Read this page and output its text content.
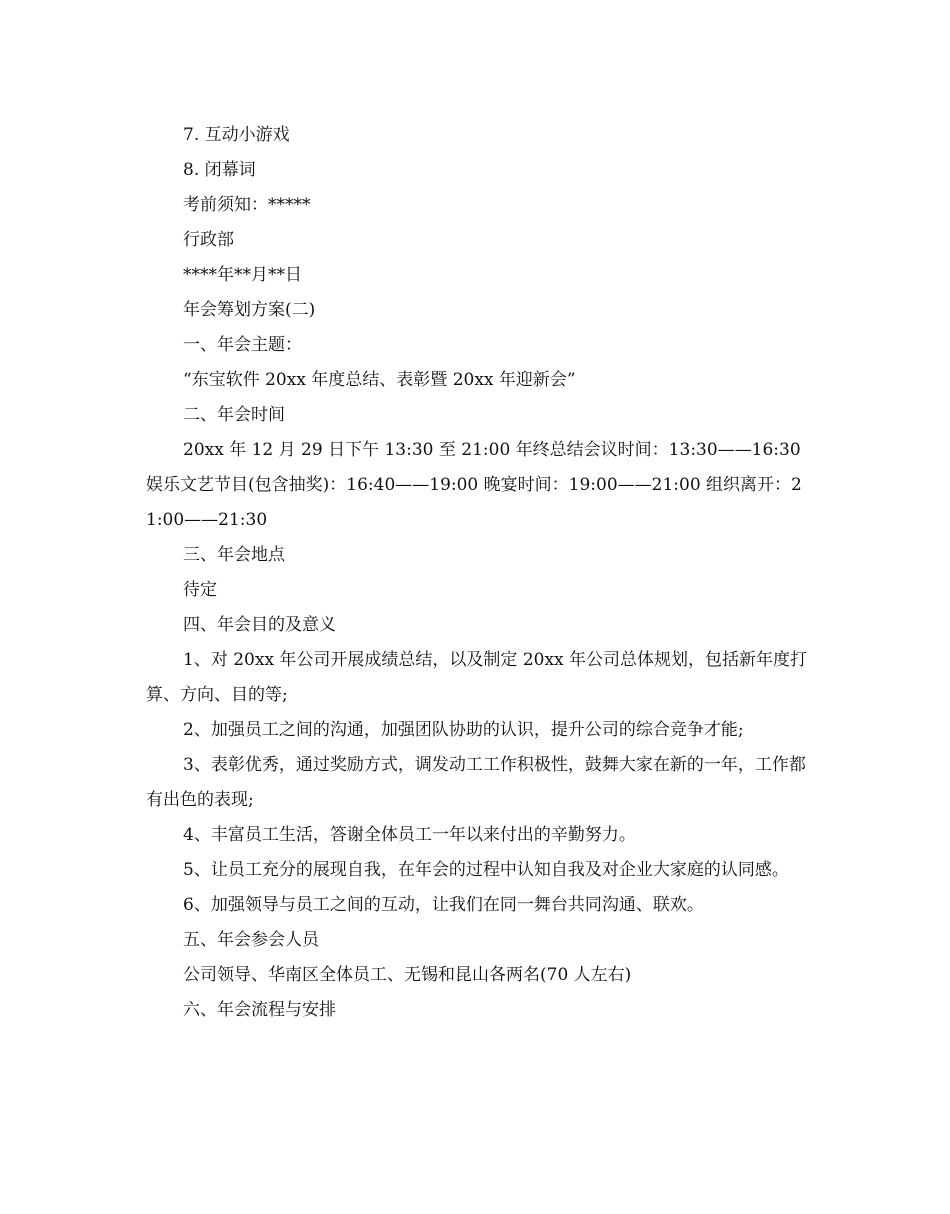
7. 互动小游戏

8. 闭幕词

考前须知：*****

行政部

****年**月**日

年会筹划方案(二)

一、年会主题：

“东宝软件 20xx 年度总结、表彰暨 20xx 年迎新会”

二、年会时间

20xx 年 12 月 29 日下午 13:30 至 21:00 年终总结会议时间：13:30——16:30 娱乐文艺节目(包含抽奖)：16:40——19:00 晚宴时间：19:00——21:00 组织离开：21:00——21:30

三、年会地点

待定

四、年会目的及意义

1、对 20xx 年公司开展成绩总结，以及制定 20xx 年公司总体规划，包括新年度打算、方向、目的等;

2、加强员工之间的沟通，加强团队协助的认识，提升公司的综合竞争才能;

3、表彰优秀，通过奖励方式，调发动工工作积极性，鼓舞大家在新的一年，工作都有出色的表现;

4、丰富员工生活，答谢全体员工一年以来付出的辛勤努力。

5、让员工充分的展现自我，在年会的过程中认知自我及对企业大家庭的认同感。

6、加强领导与员工之间的互动，让我们在同一舞台共同沟通、联欢。

五、年会参会人员

公司领导、华南区全体员工、无锡和昆山各两名(70 人左右)

六、年会流程与安排
